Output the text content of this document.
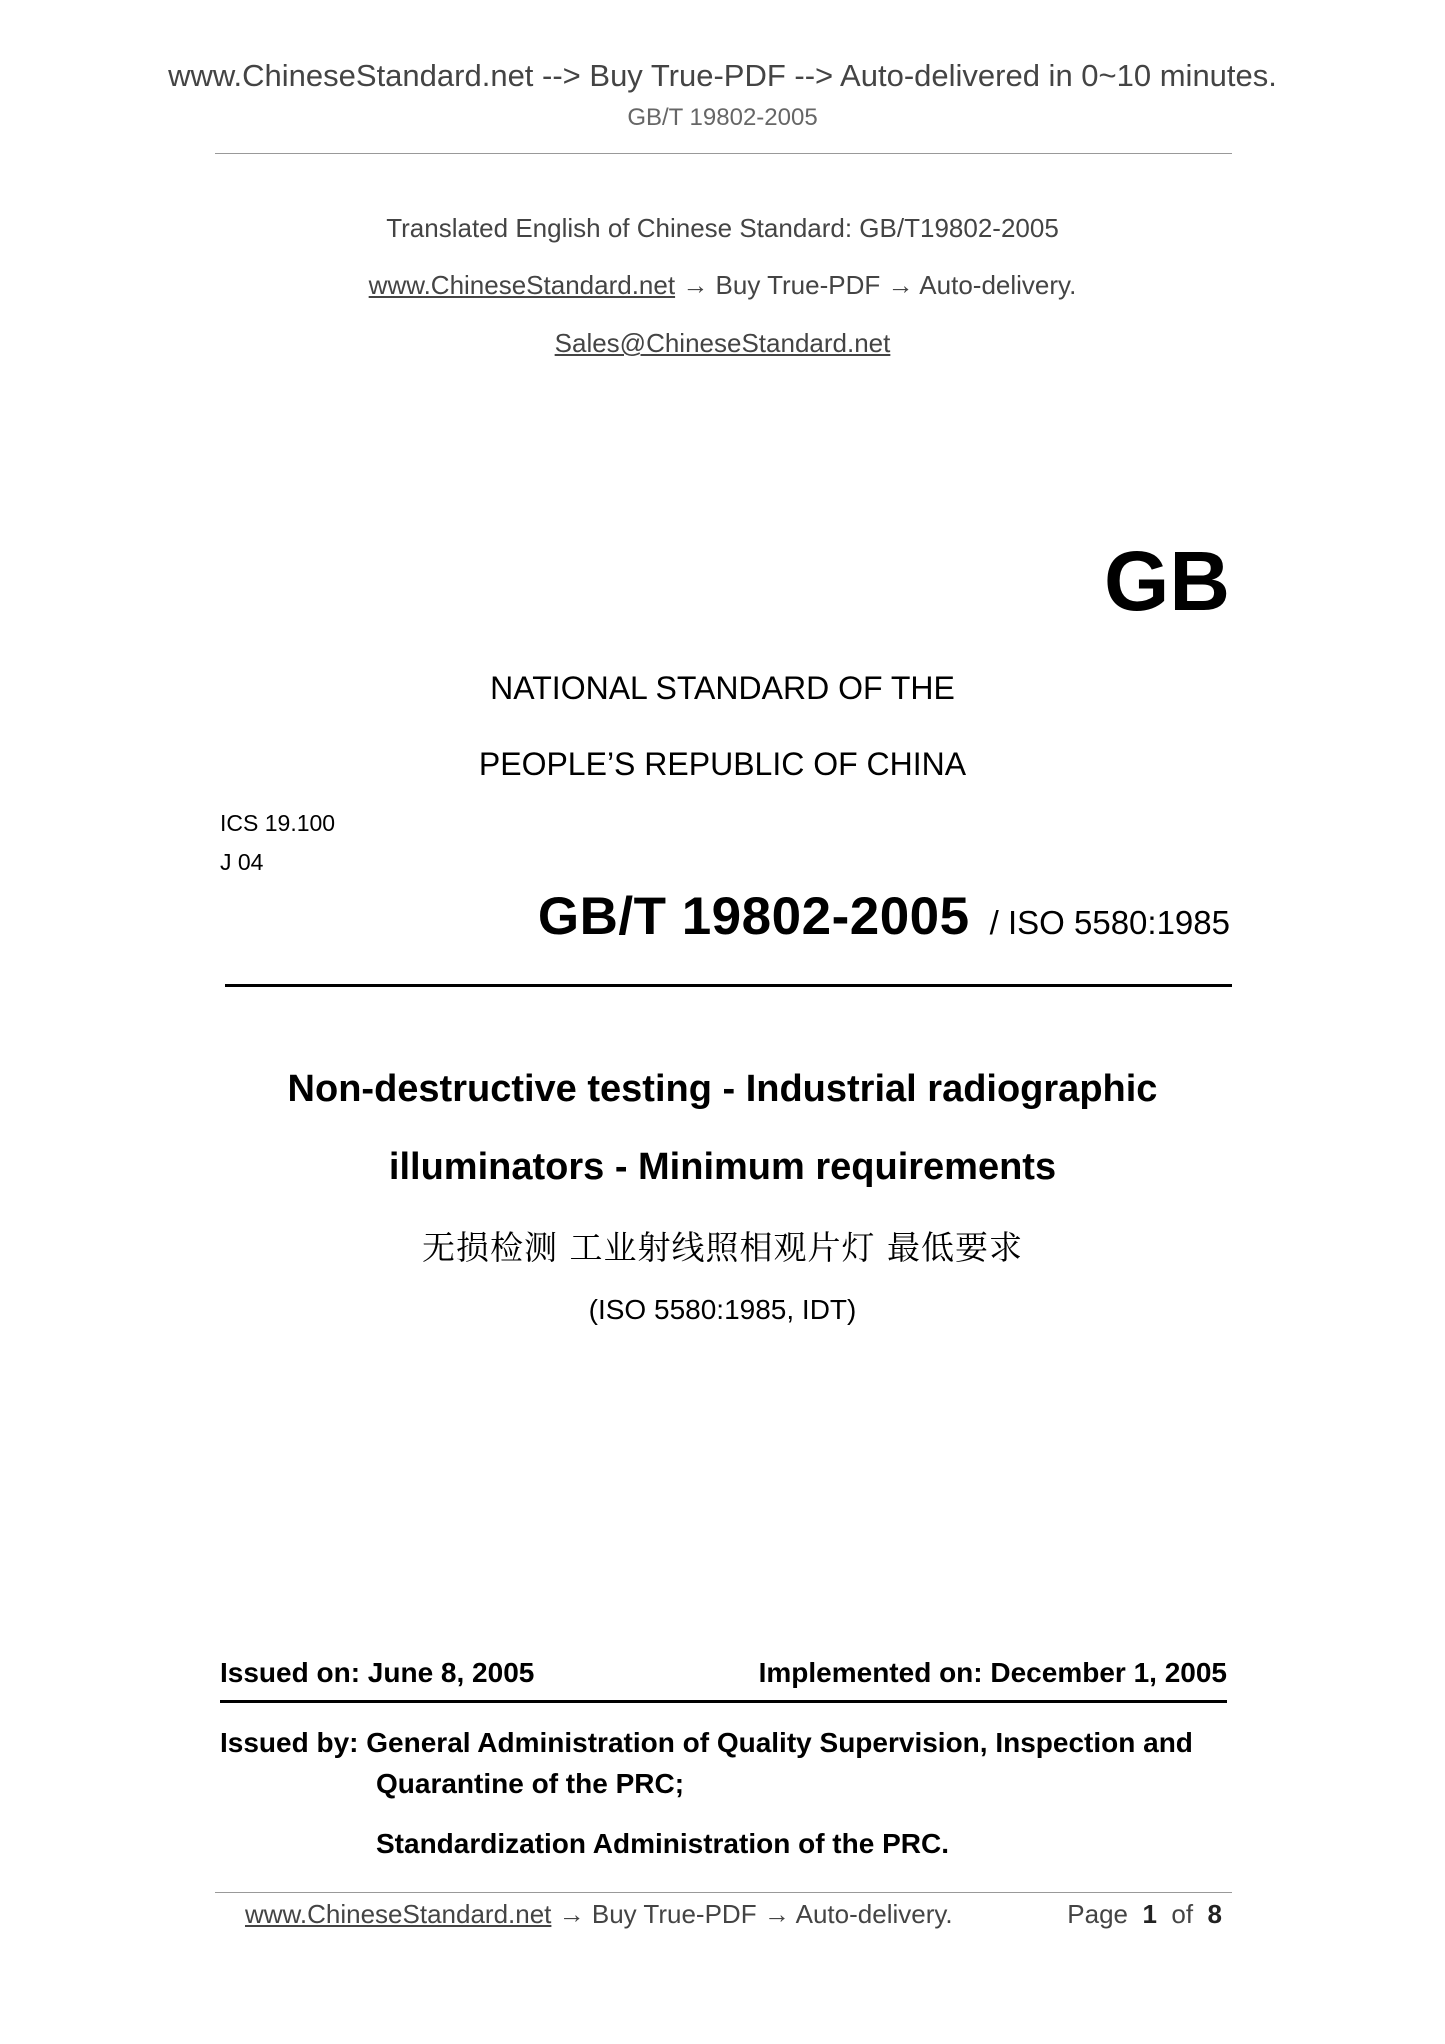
www.ChineseStandard.net --> Buy True-PDF --> Auto-delivered in 0~10 minutes.
GB/T 19802-2005
Translated English of Chinese Standard: GB/T19802-2005
www.ChineseStandard.net → Buy True-PDF → Auto-delivery.
Sales@ChineseStandard.net
GB
NATIONAL STANDARD OF THE
PEOPLE’S REPUBLIC OF CHINA
ICS 19.100
J 04
GB/T 19802-2005 / ISO 5580:1985
Non-destructive testing - Industrial radiographic
illuminators - Minimum requirements
无损检测 工业射线照相观片灯 最低要求
(ISO 5580:1985, IDT)
Issued on: June 8, 2005	Implemented on: December 1, 2005
Issued by: General Administration of Quality Supervision, Inspection and
Quarantine of the PRC;
Standardization Administration of the PRC.
www.ChineseStandard.net → Buy True-PDF → Auto-delivery.	Page 1 of 8
